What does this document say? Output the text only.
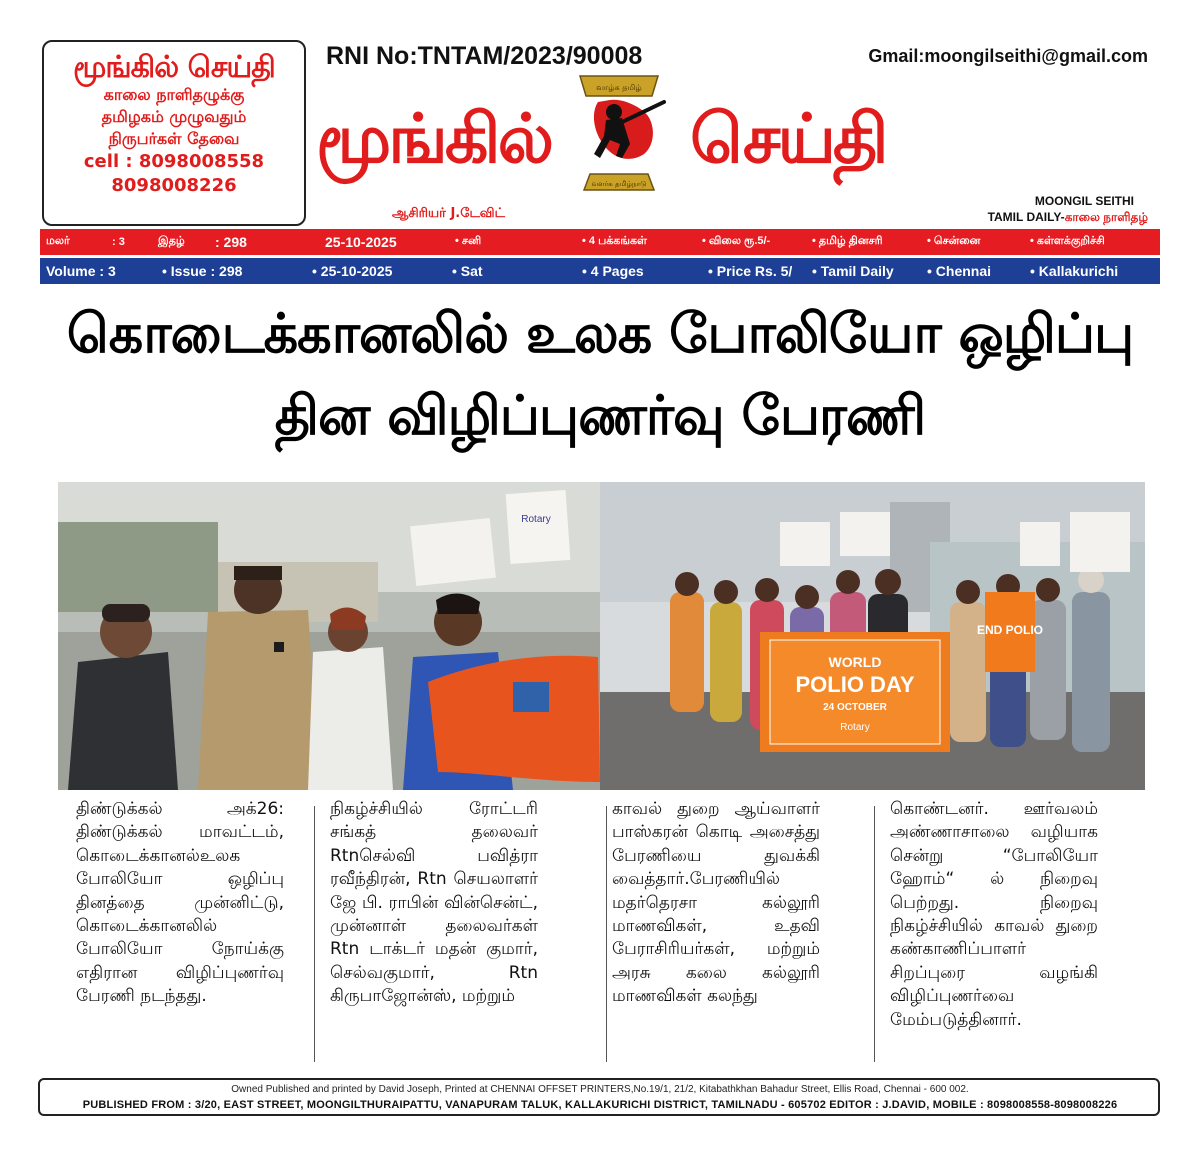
மூங்கில் செய்தி
காலை நாளிதழுக்கு
தமிழகம் முழுவதும்
நிருபர்கள் தேவை
cell : 8098008558
8098008226
RNI No:TNTAM/2023/90008	Gmail:moongilseithi@gmail.com
மூங்கில் செய்தி
வாழ்க தமிழ்
வளர்க தமிழ்நாடு
ஆசிரியர் J.டேவிட்
MOONGIL SEITHI
TAMIL DAILY-காலை நாளிதழ்
மலர்	: 3	இதழ் : 298	25-10-2025	• சனி	• 4 பக்கங்கள்	• விலை ரூ.5/-	• தமிழ் தினசரி	• சென்னை	• கள்ளக்குறிச்சி
Volume : 3	• Issue : 298	• 25-10-2025	• Sat	• 4 Pages	• Price Rs. 5/ • Tamil Daily • Chennai	• Kallakurichi
கொடைக்கானலில் உலக போலியோ ஒழிப்பு
தின விழிப்புணர்வு பேரணி
Rotary
END POLIO
WORLD
POLIO DAY
24 OCTOBER
Rotary

திண்டுக்கல் அக்26: திண்டுக்கல் மாவட்டம், கொடைக்கானல்உலக போலியோ ஒழிப்பு தினத்தை முன்னிட்டு, கொடைக்கானலில் போலியோ நோய்க்கு எதிரான விழிப்புணர்வு பேரணி நடந்தது.

நிகழ்ச்சியில் ரோட்டரி சங்கத் தலைவர் Rtnசெல்வி பவித்ரா ரவீந்திரன், Rtn செயலாளர் ஜே பி. ராபின் வின்சென்ட், முன்னாள் தலைவர்கள் Rtn டாக்டர் மதன் குமார், செல்வகுமார், Rtn கிருபாஜோன்ஸ், மற்றும்

காவல் துறை ஆய்வாளர் பாஸ்கரன் கொடி அசைத்து பேரணியை துவக்கி வைத்தார்.பேரணியில் மதர்தெரசா கல்லூரி மாணவிகள், உதவி பேராசிரியர்கள், மற்றும் அரசு கலை கல்லூரி மாணவிகள் கலந்து

கொண்டனர். ஊர்வலம் அண்ணாசாலை வழியாக சென்று “போலியோ ஹோம்“ ல் நிறைவு பெற்றது. நிறைவு நிகழ்ச்சியில் காவல் துறை கண்காணிப்பாளர் சிறப்புரை வழங்கி விழிப்புணர்வை மேம்படுத்தினார்.

Owned Published and printed by David Joseph, Printed at CHENNAI OFFSET PRINTERS,No.19/1, 21/2, Kitabathkhan Bahadur Street, Ellis Road, Chennai - 600 002.
PUBLISHED FROM : 3/20, EAST STREET, MOONGILTHURAIPATTU, VANAPURAM TALUK, KALLAKURICHI DISTRICT, TAMILNADU - 605702 EDITOR : J.DAVID, MOBILE : 8098008558-8098008226
